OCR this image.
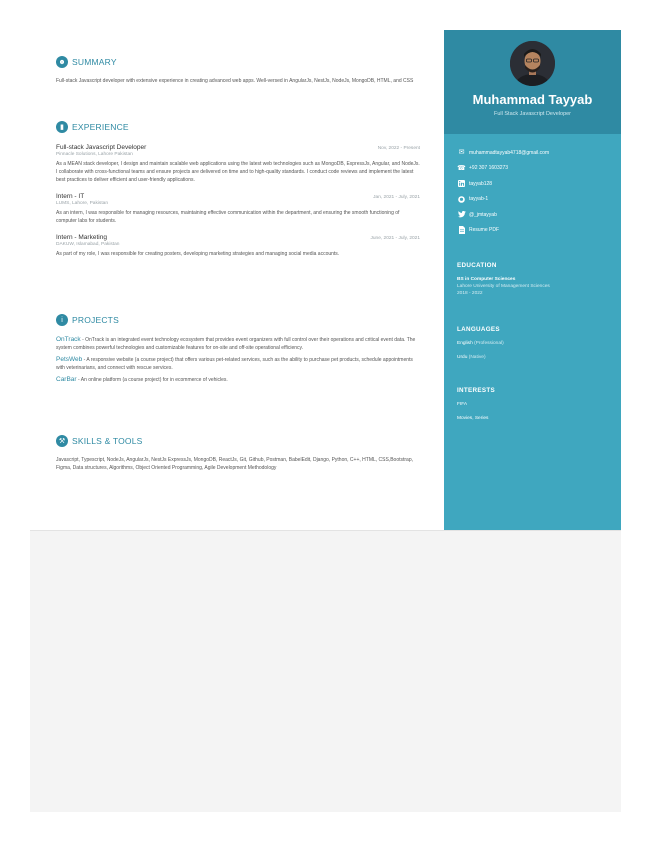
☻ SUMMARY

Full-stack Javascript developer with extensive experience in creating advanced web apps. Well-versed in AngularJs, NestJs, NodeJs, MongoDB, HTML, and CSS

▮ EXPERIENCE
Full-stack Javascript Developer	Nov, 2022 - Present
Pinnacle Solutions, Lahore Pakistan

As a MEAN stack developer, I design and maintain scalable web applications using the latest web technologies such as MongoDB, ExpressJs, Angular, and NodeJs. I collaborate with cross-functional teams and ensure projects are delivered on time and to high-quality standards. I conduct code reviews and implement the latest best practices to deliver efficient and user-friendly applications.

Intern - IT	Jan, 2021 - July, 2021
LUMS, Lahore, Pakistan

As an intern, I was responsible for managing resources, maintaining effective communication within the department, and ensuring the smooth functioning of computer labs for students.

Intern - Marketing	June, 2021 - July, 2021
DAKUW, Islamabad, Pakistan

As part of my role, I was responsible for creating posters, developing marketing strategies and managing social media accounts.

i	PROJECTS

OnTrack - OnTrack is an integrated event technology ecosystem that provides event organizers with full control over their operations and critical event data. The system combines powerful technologies and customizable features for on-site and off-site operational efficiency.

PetsWeb - A responsive website (a course project) that offers various pet-related services, such as the ability to purchase pet products, schedule appointments with veterinarians, and connect with rescue services.

CarBar - An online platform (a course project) for in ecommerce of vehicles.

⚒ SKILLS & TOOLS

Javascript, Typescript, NodeJs, AngularJs, NestJs ExpressJs, MongoDB, ReactJs, Git, Github, Postman, BabelEdit, Django, Python, C++, HTML, CSS,Bootstrap, Figma, Data structures, Algorithms, Object Oriented Programming, Agile Development Methodology

Muhammad Tayyab
Full Stack Javascript Developer
✉ muhammadtayyab4718@gmail.com
☎ +92 307 1603273
tayyab128
tayyab-1
@_jmtayyab
Resume PDF
EDUCATION
BS in Computer Sciences
Lahore University of Management Sciences
2018 - 2022
LANGUAGES
English (Professional)
Urdu (Native)
INTERESTS
FIFA
Movies, Series
